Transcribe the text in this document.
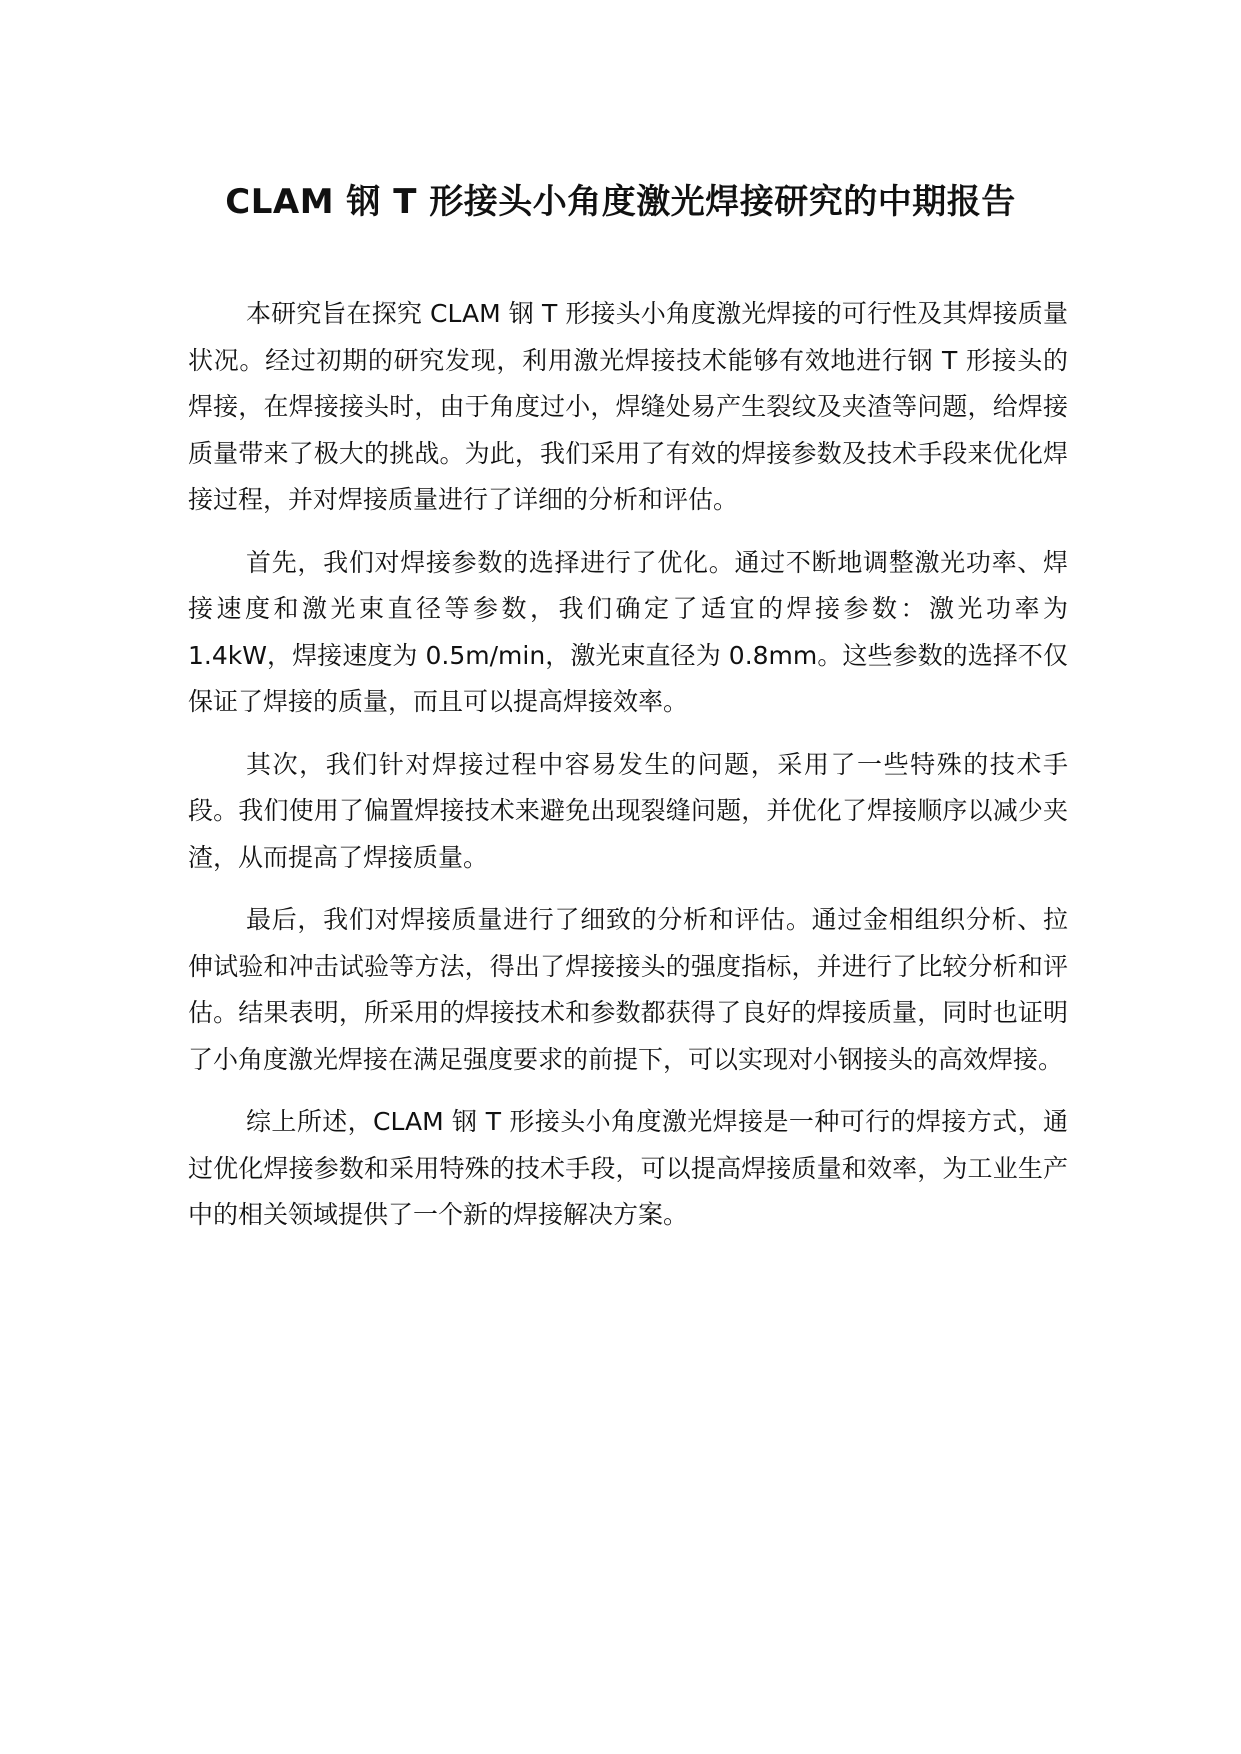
CLAM 钢 T 形接头小角度激光焊接研究的中期报告

本研究旨在探究 CLAM 钢 T 形接头小角度激光焊接的可行性及其焊接质量状况。经过初期的研究发现，利用激光焊接技术能够有效地进行钢 T 形接头的焊接，在焊接接头时，由于角度过小，焊缝处易产生裂纹及夹渣等问题，给焊接质量带来了极大的挑战。为此，我们采用了有效的焊接参数及技术手段来优化焊接过程，并对焊接质量进行了详细的分析和评估。

首先，我们对焊接参数的选择进行了优化。通过不断地调整激光功率、焊接速度和激光束直径等参数，我们确定了适宜的焊接参数：激光功率为 1.4kW，焊接速度为 0.5m/min，激光束直径为 0.8mm。这些参数的选择不仅保证了焊接的质量，而且可以提高焊接效率。

其次，我们针对焊接过程中容易发生的问题，采用了一些特殊的技术手段。我们使用了偏置焊接技术来避免出现裂缝问题，并优化了焊接顺序以减少夹渣，从而提高了焊接质量。

最后，我们对焊接质量进行了细致的分析和评估。通过金相组织分析、拉伸试验和冲击试验等方法，得出了焊接接头的强度指标，并进行了比较分析和评估。结果表明，所采用的焊接技术和参数都获得了良好的焊接质量，同时也证明了小角度激光焊接在满足强度要求的前提下，可以实现对小钢接头的高效焊接。

综上所述，CLAM 钢 T 形接头小角度激光焊接是一种可行的焊接方式，通过优化焊接参数和采用特殊的技术手段，可以提高焊接质量和效率，为工业生产中的相关领域提供了一个新的焊接解决方案。
